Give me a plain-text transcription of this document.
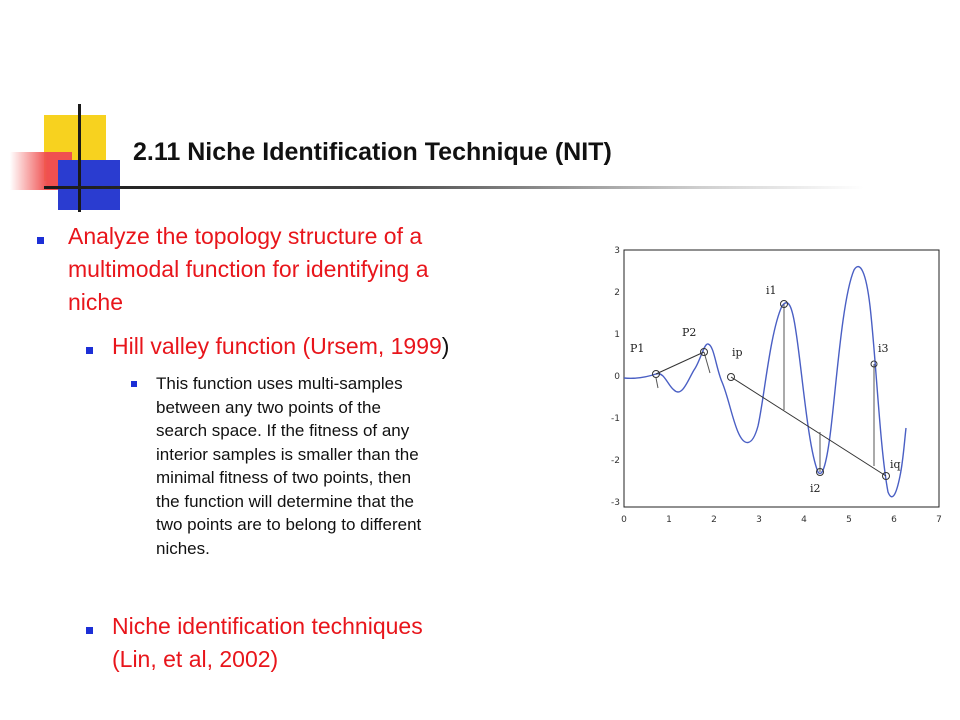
2.11 Niche Identification Technique (NIT)
Analyze the topology structure of a
multimodal function for identifying a
niche
Hill valley function (Ursem, 1999)
This function uses multi-samples
between any two points of the
search space. If the fitness of any
interior samples is smaller than the
minimal fitness of two points, then
the function will determine that the
two points are to belong to different
niches.
Niche identification techniques
(Lin, et al, 2002)
0	1	2	3	4	5	6	7
3
2
1
0
-1
-2
-3
P1
P2
ip
i1
i3
i2
iq
